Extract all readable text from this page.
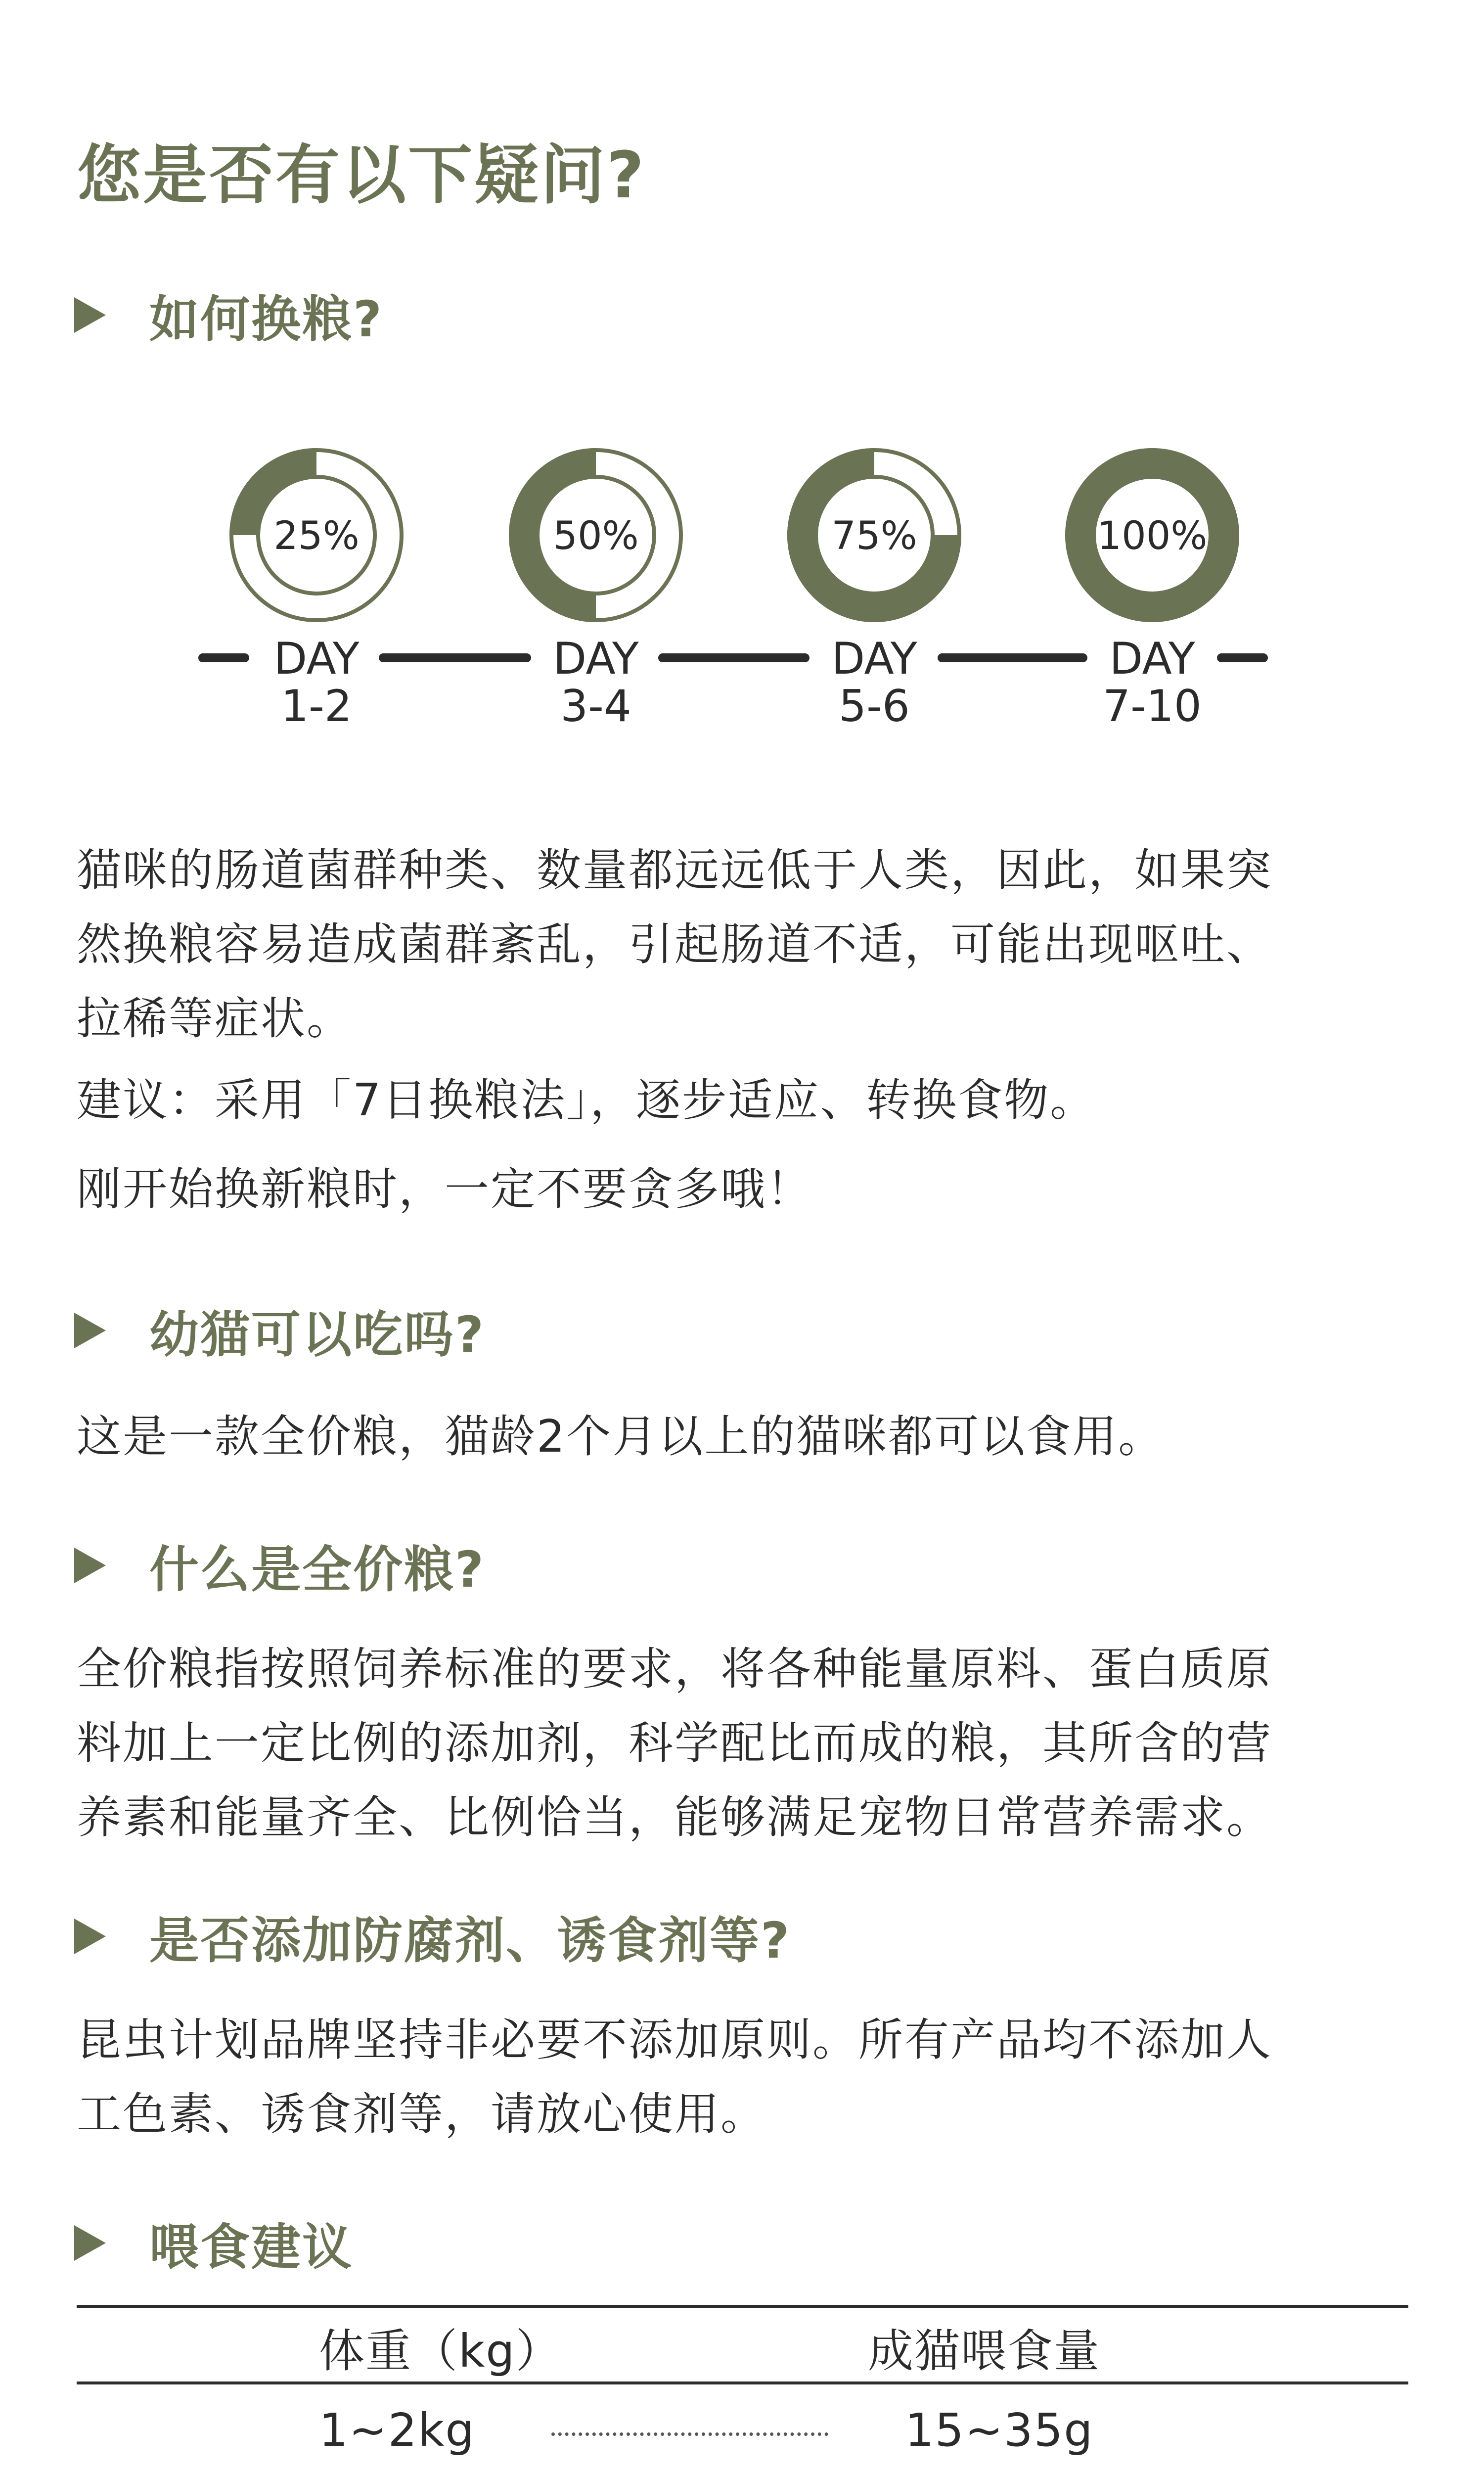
您是否有以下疑问?
如何换粮?
25%	50%	75%	100%
DAY
1-2
DAY
3-4
DAY
5-6
DAY
7-10
猫咪的肠道菌群种类、数量都远远低于人类，因此，如果突
然换粮容易造成菌群紊乱，引起肠道不适，可能出现呕吐、
拉稀等症状。
建议：采用「7日换粮法」，逐步适应、转换食物。
刚开始换新粮时，一定不要贪多哦！
幼猫可以吃吗?
这是一款全价粮，猫龄2个月以上的猫咪都可以食用。
什么是全价粮?
全价粮指按照饲养标准的要求，将各种能量原料、蛋白质原
料加上一定比例的添加剂，科学配比而成的粮，其所含的营
养素和能量齐全、比例恰当，能够满足宠物日常营养需求。
是否添加防腐剂、诱食剂等?
昆虫计划品牌坚持非必要不添加原则。所有产品均不添加人
工色素、诱食剂等，请放心使用。
喂食建议
体重（kg）	成猫喂食量
1~2kg	15~35g
